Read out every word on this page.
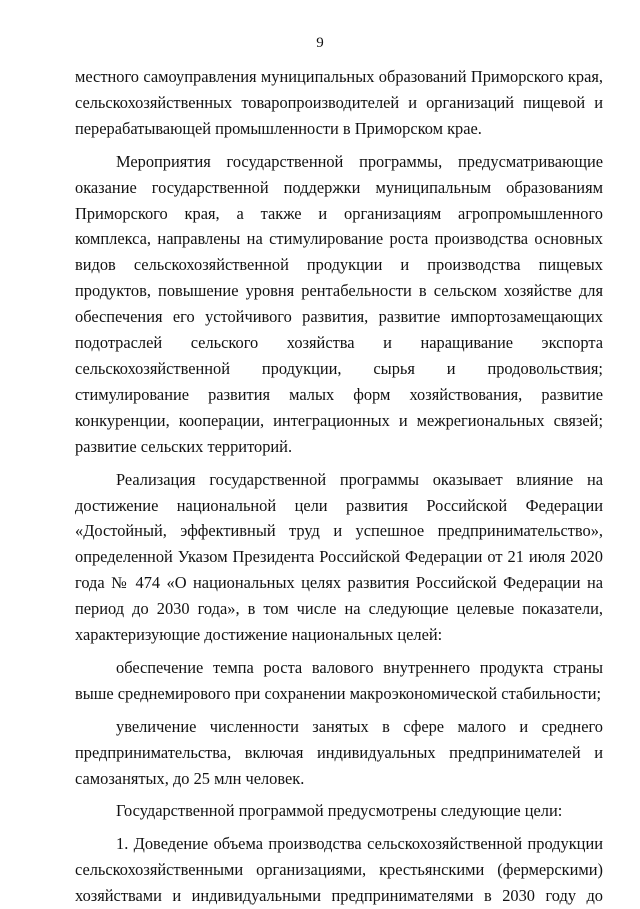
9

местного самоуправления муниципальных образований Приморского края, сельскохозяйственных товаропроизводителей и организаций пищевой и перерабатывающей промышленности в Приморском крае.

Мероприятия государственной программы, предусматривающие оказание государственной поддержки муниципальным образованиям Приморского края, а также и организациям агропромышленного комплекса, направлены на стимулирование роста производства основных видов сельскохозяйственной продукции и производства пищевых продуктов, повышение уровня рентабельности в сельском хозяйстве для обеспечения его устойчивого развития, развитие импортозамещающих подотраслей сельского хозяйства и наращивание экспорта сельскохозяйственной продукции, сырья и продовольствия; стимулирование развития малых форм хозяйствования, развитие конкуренции, кооперации, интеграционных и межрегиональных связей; развитие сельских территорий.

Реализация государственной программы оказывает влияние на достижение национальной цели развития Российской Федерации «Достойный, эффективный труд и успешное предпринимательство», определенной Указом Президента Российской Федерации от 21 июля 2020 года № 474 «О национальных целях развития Российской Федерации на период до 2030 года», в том числе на следующие целевые показатели, характеризующие достижение национальных целей:

обеспечение темпа роста валового внутреннего продукта страны выше среднемирового при сохранении макроэкономической стабильности;

увеличение численности занятых в сфере малого и среднего предпринимательства, включая индивидуальных предпринимателей и самозанятых, до 25 млн человек.

Государственной программой предусмотрены следующие цели:

1. Доведение объема производства сельскохозяйственной продукции сельскохозяйственными организациями, крестьянскими (фермерскими) хозяйствами и индивидуальными предпринимателями в 2030 году до
